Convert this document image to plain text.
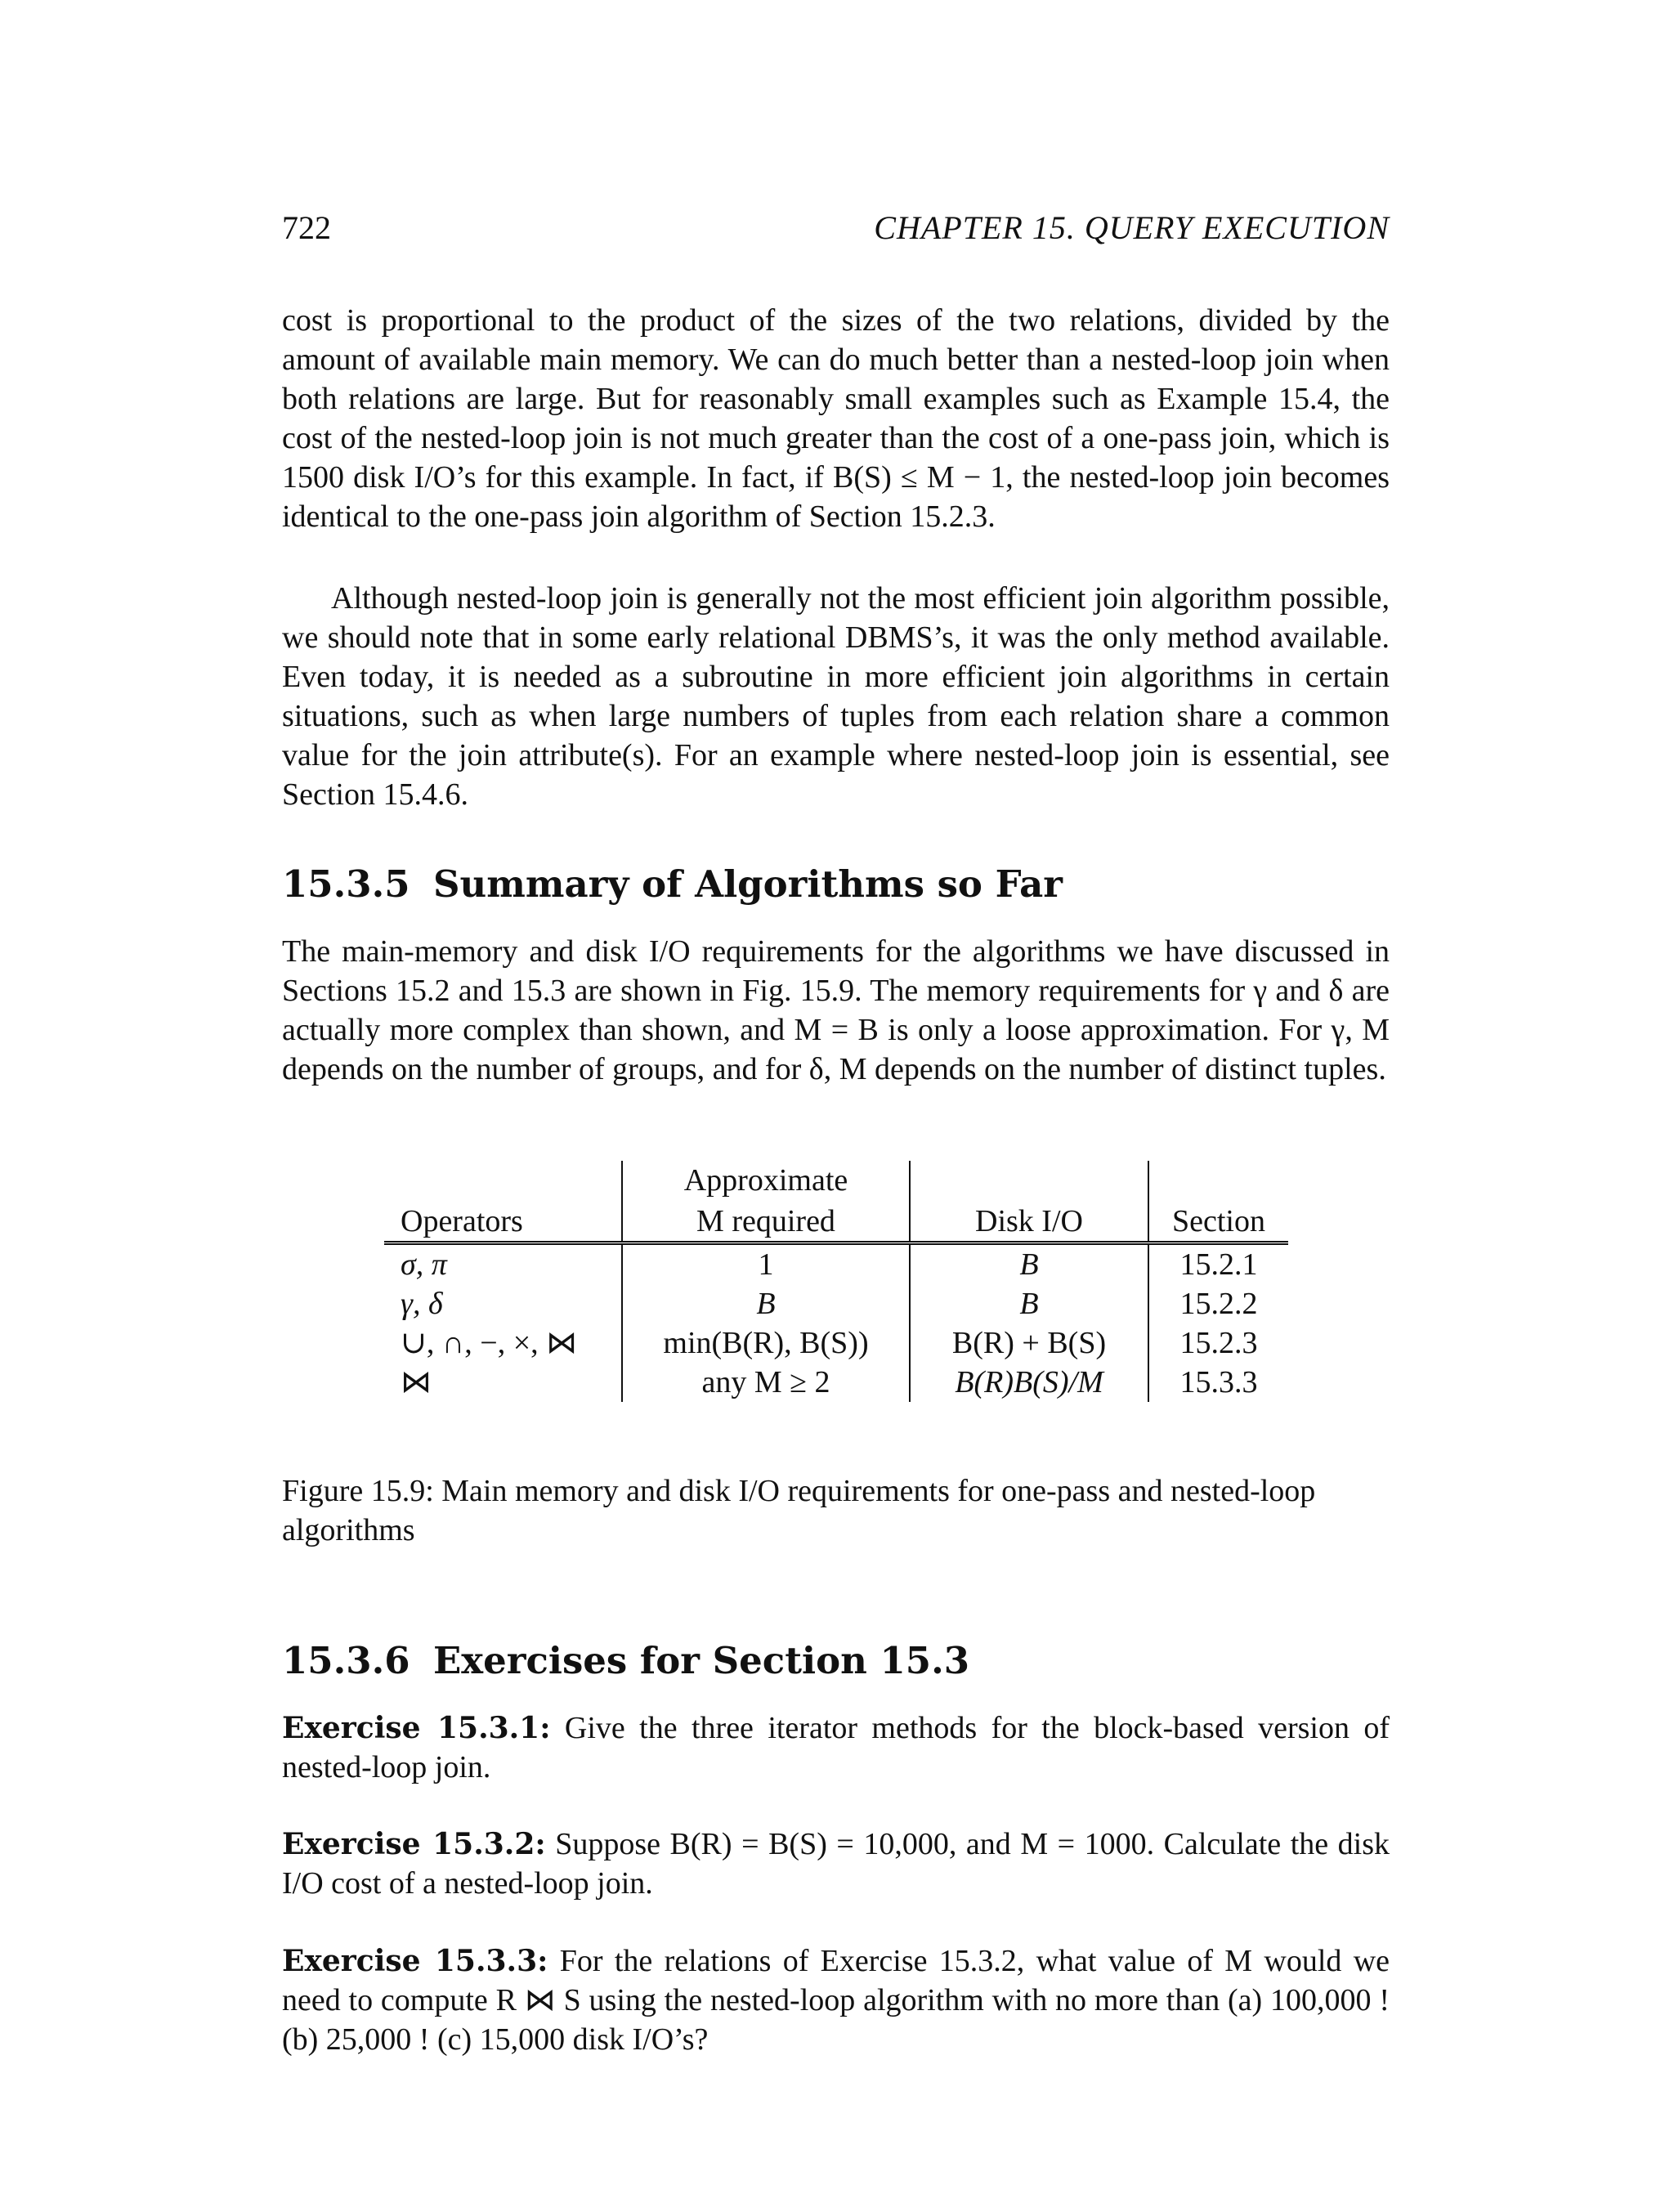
722	CHAPTER 15. QUERY EXECUTION
cost is proportional to the product of the sizes of the two relations, divided by the amount of available main memory. We can do much better than a nested-loop join when both relations are large. But for reasonably small examples such as Example 15.4, the cost of the nested-loop join is not much greater than the cost of a one-pass join, which is 1500 disk I/O’s for this example. In fact, if B(S) ≤ M − 1, the nested-loop join becomes identical to the one-pass join algorithm of Section 15.2.3.
Although nested-loop join is generally not the most efficient join algorithm possible, we should note that in some early relational DBMS’s, it was the only method available. Even today, it is needed as a subroutine in more efficient join algorithms in certain situations, such as when large numbers of tuples from each relation share a common value for the join attribute(s). For an example where nested-loop join is essential, see Section 15.4.6.
15.3.5 Summary of Algorithms so Far
The main-memory and disk I/O requirements for the algorithms we have discussed in Sections 15.2 and 15.3 are shown in Fig. 15.9. The memory requirements for γ and δ are actually more complex than shown, and M = B is only a loose approximation. For γ, M depends on the number of groups, and for δ, M depends on the number of distinct tuples.
	Approximate		
Operators	M required	Disk I/O	Section
σ, π	1	B	15.2.1
γ, δ	B	B	15.2.2
∪, ∩, −, ×, ⋈	min(B(R), B(S))	B(R) + B(S)	15.2.3
⋈	any M ≥ 2	B(R)B(S)/M	15.3.3
Figure 15.9: Main memory and disk I/O requirements for one-pass and nested-loop algorithms
15.3.6 Exercises for Section 15.3
Exercise 15.3.1: Give the three iterator methods for the block-based version of nested-loop join.
Exercise 15.3.2: Suppose B(R) = B(S) = 10,000, and M = 1000. Calculate the disk I/O cost of a nested-loop join.
Exercise 15.3.3: For the relations of Exercise 15.3.2, what value of M would we need to compute R ⋈ S using the nested-loop algorithm with no more than (a) 100,000 ! (b) 25,000 ! (c) 15,000 disk I/O’s?
